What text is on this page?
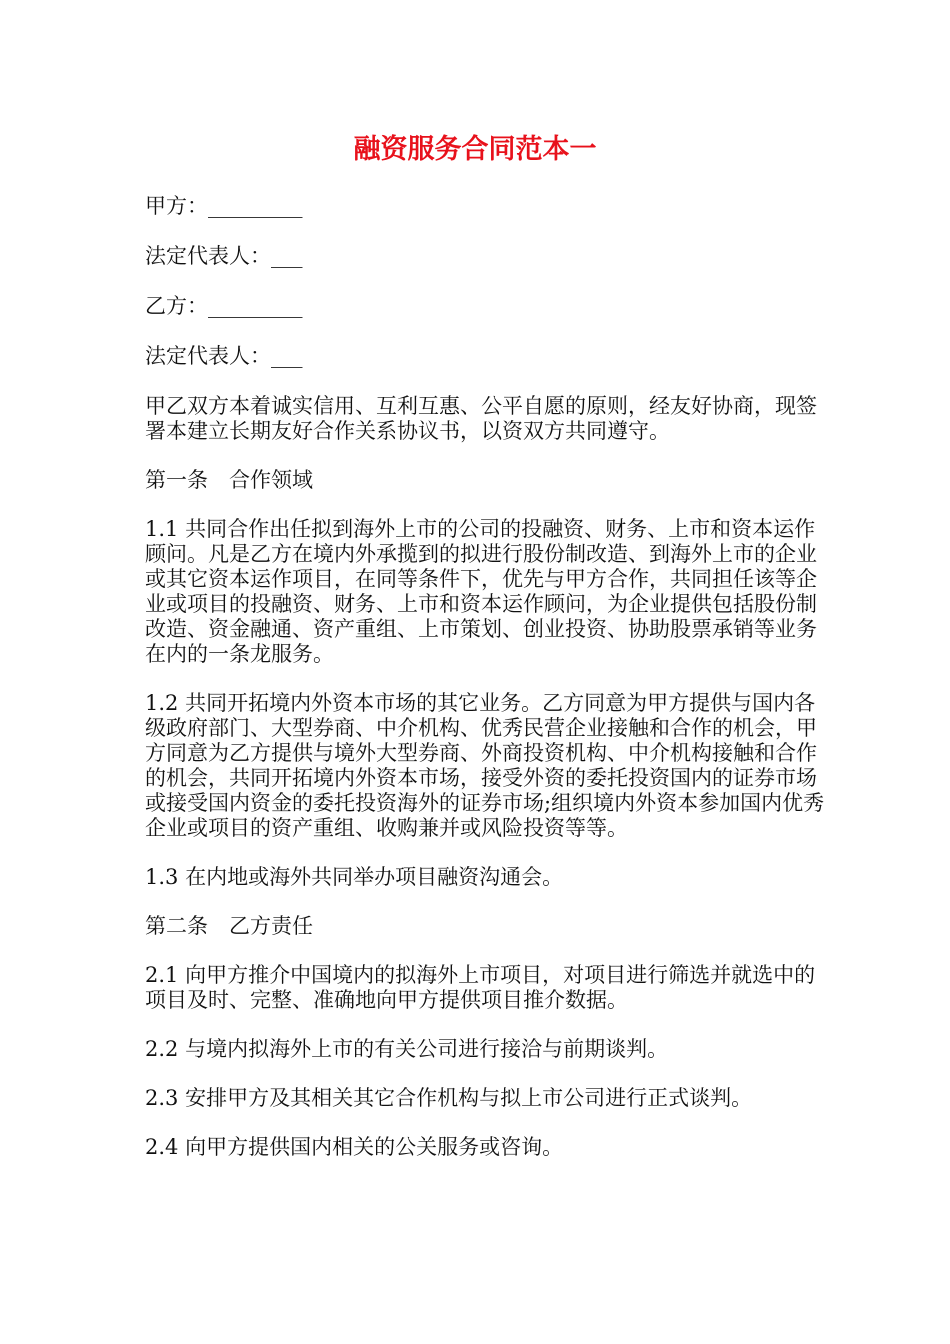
融资服务合同范本一

甲方：_________

法定代表人：___

乙方：_________

法定代表人：___

甲乙双方本着诚实信用、互利互惠、公平自愿的原则，经友好协商，现签署本建立长期友好合作关系协议书，以资双方共同遵守。

第一条　合作领域

1.1 共同合作出任拟到海外上市的公司的投融资、财务、上市和资本运作顾问。凡是乙方在境内外承揽到的拟进行股份制改造、到海外上市的企业或其它资本运作项目，在同等条件下，优先与甲方合作，共同担任该等企业或项目的投融资、财务、上市和资本运作顾问，为企业提供包括股份制改造、资金融通、资产重组、上市策划、创业投资、协助股票承销等业务在内的一条龙服务。

1.2 共同开拓境内外资本市场的其它业务。乙方同意为甲方提供与国内各级政府部门、大型券商、中介机构、优秀民营企业接触和合作的机会，甲方同意为乙方提供与境外大型券商、外商投资机构、中介机构接触和合作的机会，共同开拓境内外资本市场，接受外资的委托投资国内的证券市场或接受国内资金的委托投资海外的证券市场;组织境内外资本参加国内优秀企业或项目的资产重组、收购兼并或风险投资等等。

1.3 在内地或海外共同举办项目融资沟通会。

第二条　乙方责任

2.1 向甲方推介中国境内的拟海外上市项目，对项目进行筛选并就选中的项目及时、完整、准确地向甲方提供项目推介数据。

2.2 与境内拟海外上市的有关公司进行接洽与前期谈判。

2.3 安排甲方及其相关其它合作机构与拟上市公司进行正式谈判。

2.4 向甲方提供国内相关的公关服务或咨询。
